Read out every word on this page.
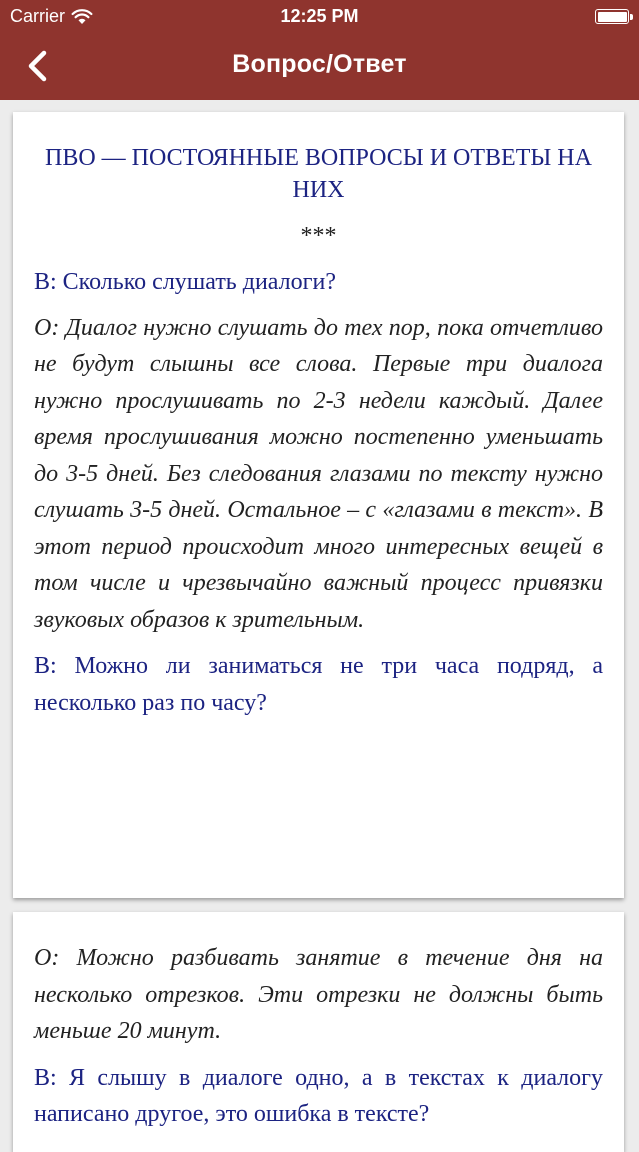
Carrier	12:25 PM
Вопрос/Ответ
ПВО — ПОСТОЯННЫЕ ВОПРОСЫ И ОТВЕТЫ НА НИХ
***

В: Сколько слушать диалоги?

О: Диалог нужно слушать до тех пор, пока отчетливо не будут слышны все слова. Первые три диалога нужно прослушивать по 2-3 недели каждый. Далее время прослушивания можно постепенно уменьшать до 3-5 дней. Без следования глазами по тексту нужно слушать 3-5 дней. Остальное – с «глазами в текст». В этот период происходит много интересных вещей в том числе и чрезвычайно важный процесс привязки звуковых образов к зрительным.

В: Можно ли заниматься не три часа подряд, а несколько раз по часу?

О: Можно разбивать занятие в течение дня на несколько отрезков. Эти отрезки не должны быть меньше 20 минут.

В: Я слышу в диалоге одно, а в текстах к диалогу написано другое, это ошибка в тексте?
